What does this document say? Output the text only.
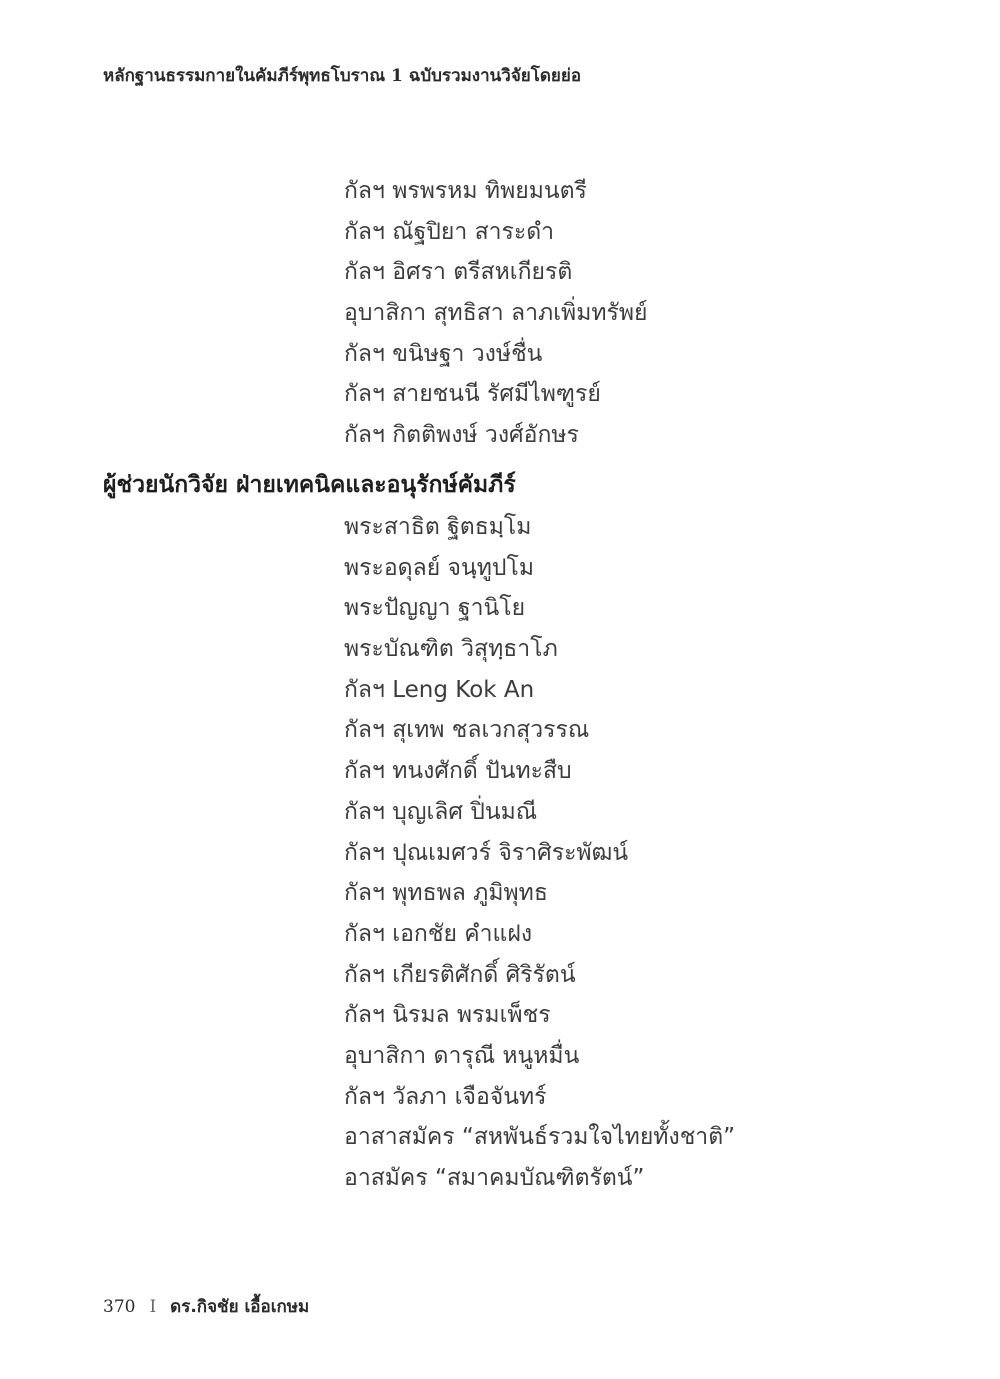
หลักฐานธรรมกายในคัมภีร์พุทธโบราณ 1 ฉบับรวมงานวิจัยโดยย่อ
กัลฯ พรพรหม ทิพยมนตรี
กัลฯ ณัฐปิยา สาระดำ
กัลฯ อิศรา ตรีสหเกียรติ
อุบาสิกา สุทธิสา ลาภเพิ่มทรัพย์
กัลฯ ขนิษฐา วงษ์ชื่น
กัลฯ สายชนนี รัศมีไพฑูรย์
กัลฯ กิตติพงษ์ วงศ์อักษร
ผู้ช่วยนักวิจัย ฝ่ายเทคนิคและอนุรักษ์คัมภีร์
พระสาธิต ฐิตธมฺโม
พระอดุลย์ จนฺทูปโม
พระปัญญา ฐานิโย
พระบัณฑิต วิสุทฺธาโภ
กัลฯ Leng Kok An
กัลฯ สุเทพ ชลเวกสุวรรณ
กัลฯ ทนงศักดิ์ ปันทะสืบ
กัลฯ บุญเลิศ ปิ่นมณี
กัลฯ ปุณเมศวร์ จิราศิระพัฒน์
กัลฯ พุทธพล ภูมิพุทธ
กัลฯ เอกชัย คำแฝง
กัลฯ เกียรติศักดิ์ ศิริรัตน์
กัลฯ นิรมล พรมเพ็ชร
อุบาสิกา ดารุณี หนูหมื่น
กัลฯ วัลภา เจือจันทร์
อาสาสมัคร “สหพันธ์รวมใจไทยทั้งชาติ”
อาสมัคร “สมาคมบัณฑิตรัตน์”
370 I ดร.กิจชัย เอื้อเกษม
